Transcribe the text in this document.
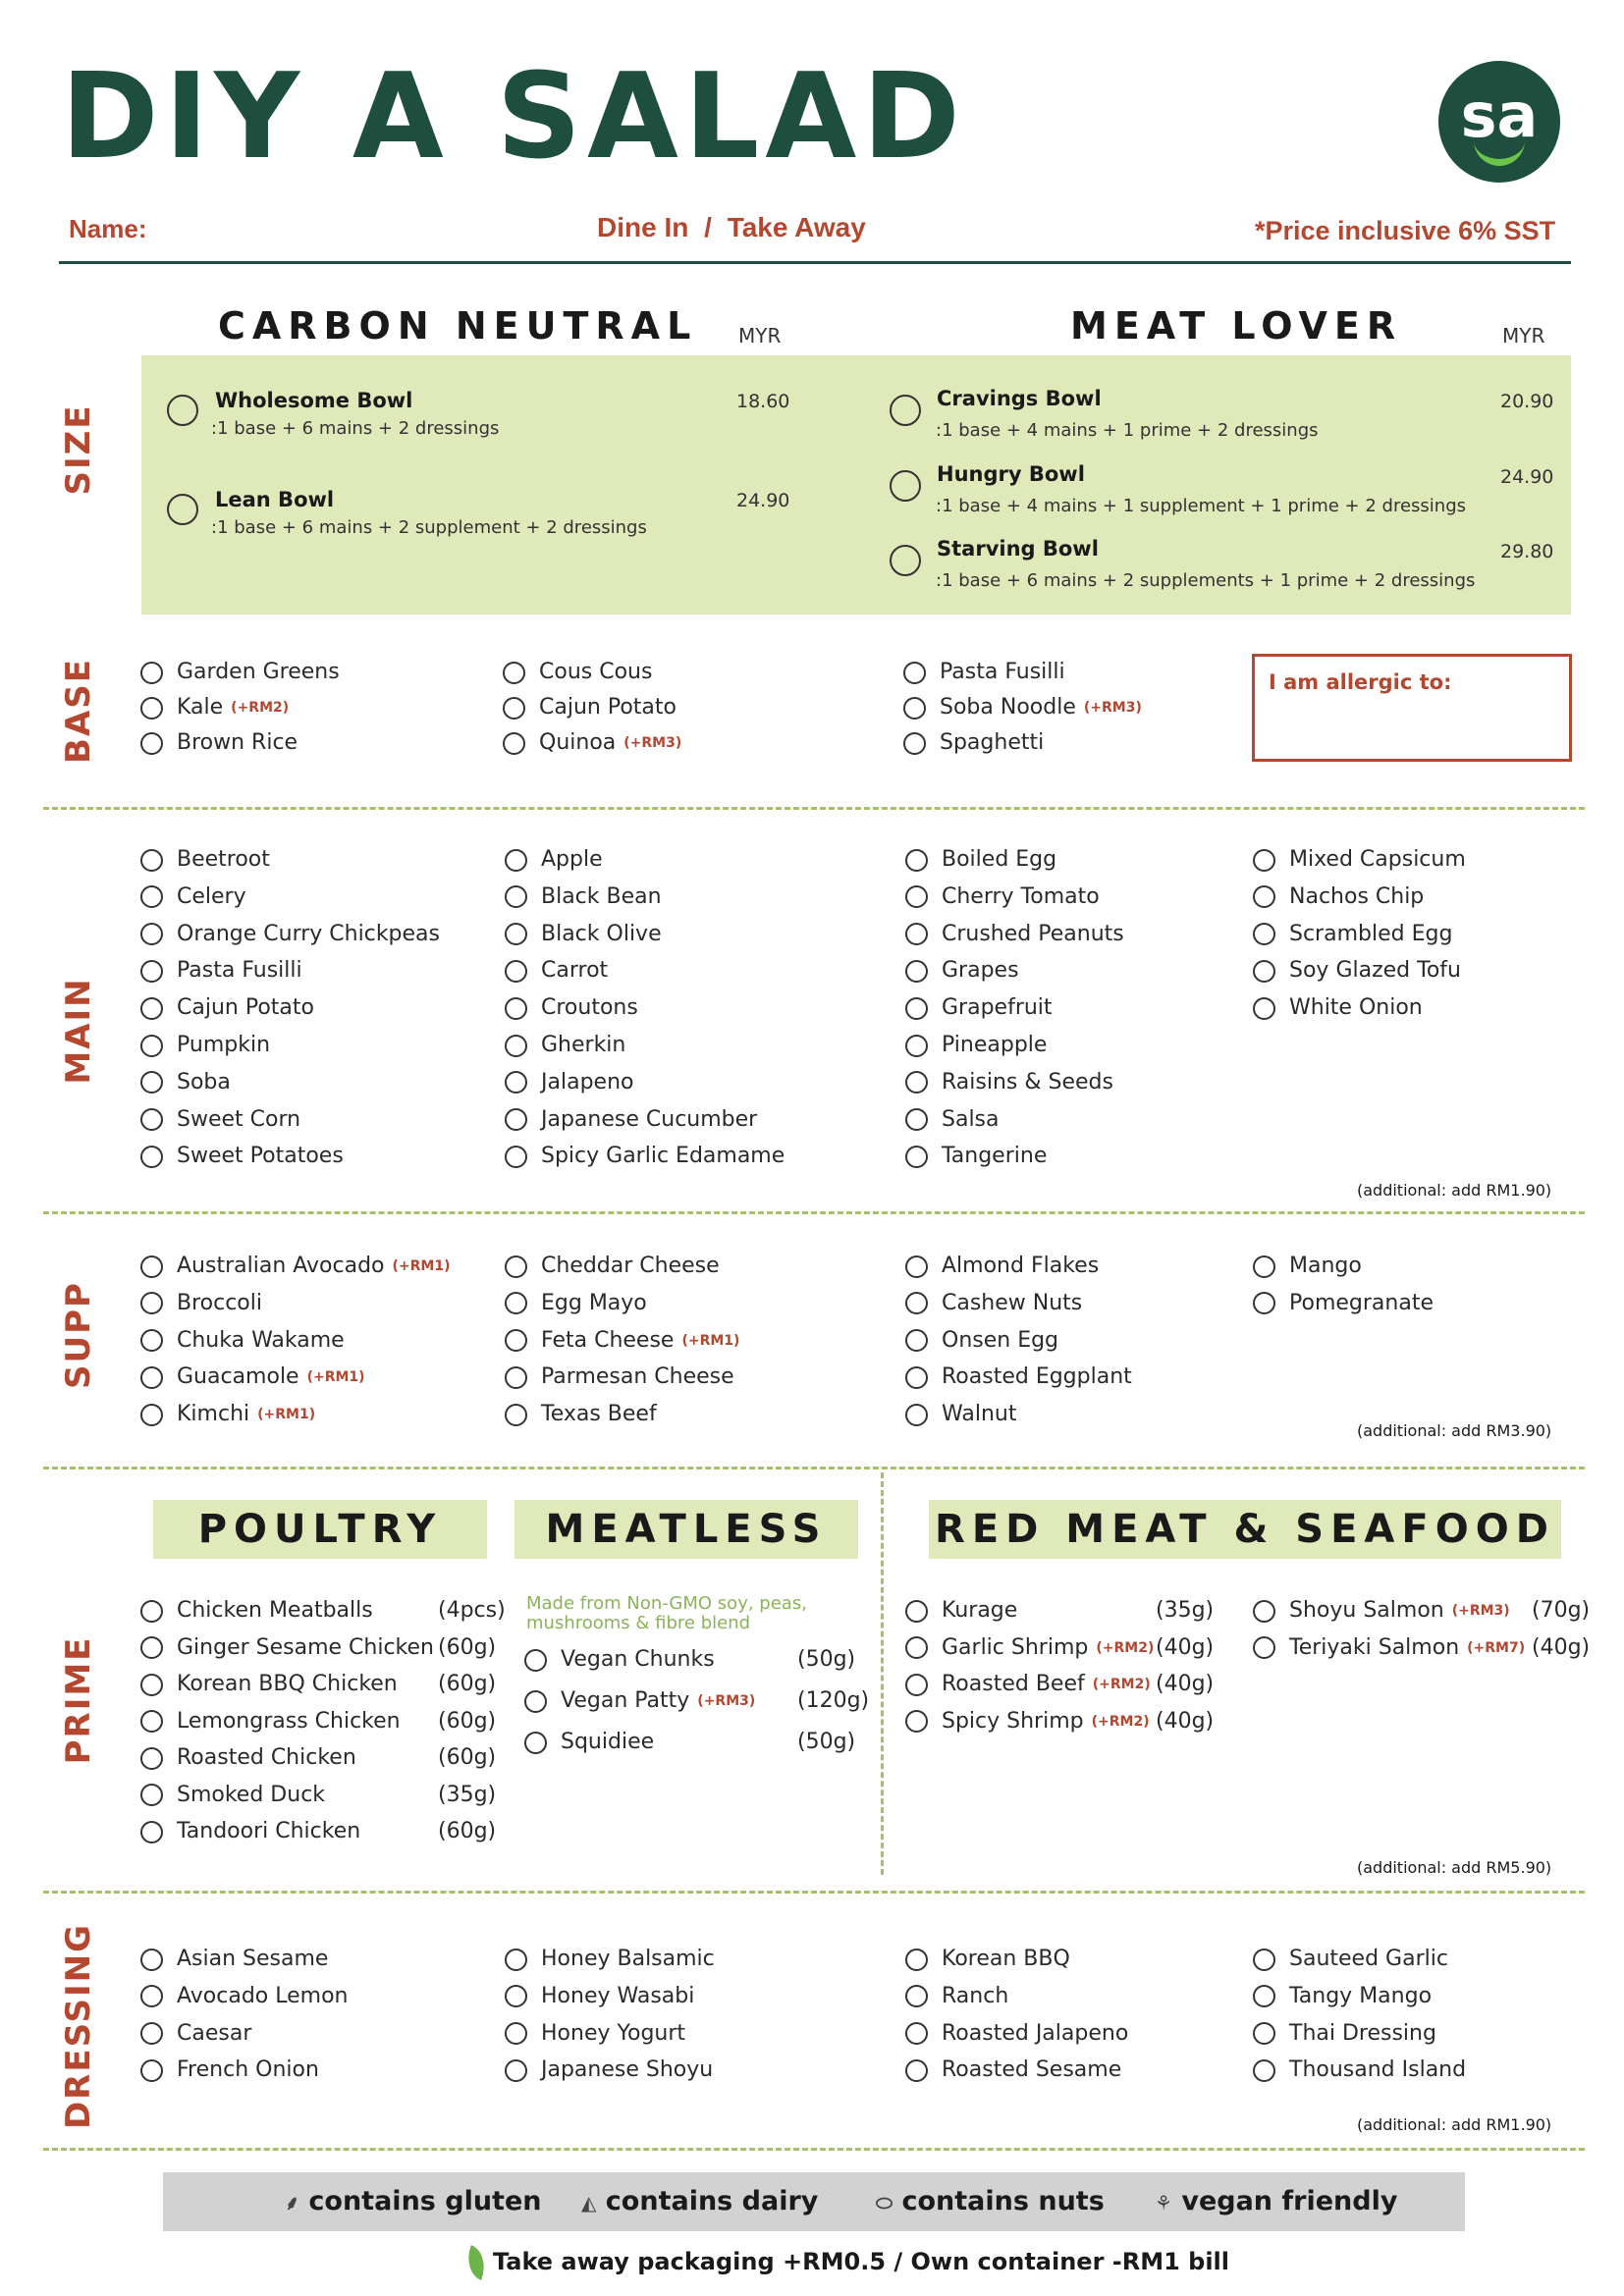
DIY A SALAD	sa
Name:	Dine In / Take Away	*Price inclusive 6% SST
CARBON NEUTRAL MYR	MEAT LOVER	MYR
SIZE
Wholesome Bowl
:1 base + 6 mains + 2 dressings
18.60
Lean Bowl
:1 base + 6 mains + 2 supplement + 2 dressings
24.90
Cravings Bowl
:1 base + 4 mains + 1 prime + 2 dressings
20.90
Hungry Bowl
:1 base + 4 mains + 1 supplement + 1 prime + 2 dressings
24.90
Starving Bowl
:1 base + 6 mains + 2 supplements + 1 prime + 2 dressings
29.80
BASE	Garden Greens
Kale (+RM2)
Brown Rice
Cous Cous
Cajun Potato
Quinoa (+RM3)
Pasta Fusilli
Soba Noodle (+RM3)
Spaghetti
I am allergic to:
MAIN
Beetroot
Celery
Orange Curry Chickpeas
Pasta Fusilli
Cajun Potato
Pumpkin
Soba
Sweet Corn
Sweet Potatoes
Apple
Black Bean
Black Olive
Carrot
Croutons
Gherkin
Jalapeno
Japanese Cucumber
Spicy Garlic Edamame
Boiled Egg
Cherry Tomato
Crushed Peanuts
Grapes
Grapefruit
Pineapple
Raisins & Seeds
Salsa
Tangerine
Mixed Capsicum
Nachos Chip
Scrambled Egg
Soy Glazed Tofu
White Onion
(additional: add RM1.90)
SUPP
Australian Avocado (+RM1)
Broccoli
Chuka Wakame
Guacamole (+RM1)
Kimchi (+RM1)
Cheddar Cheese
Egg Mayo
Feta Cheese (+RM1)
Parmesan Cheese
Texas Beef
Almond Flakes
Cashew Nuts
Onsen Egg
Roasted Eggplant
Walnut
Mango
Pomegranate
(additional: add RM3.90)
PRIME
POULTRY	MEATLESS	RED MEAT & SEAFOOD
Made from Non-GMO soy, peas,
mushrooms & fibre blend
Chicken Meatballs	(4pcs)
Ginger Sesame Chicken (60g)
Korean BBQ Chicken (60g)
Lemongrass Chicken (60g)
Roasted Chicken	(60g)
Smoked Duck	(35g)
Tandoori Chicken	(60g)
Vegan Chunks	(50g)
Vegan Patty (+RM3) (120g)
Squidiee	(50g)
Kurage	(35g)
Garlic Shrimp (+RM2) (40g)
Roasted Beef (+RM2) (40g)
Spicy Shrimp (+RM2) (40g)
Shoyu Salmon (+RM3) (70g)
Teriyaki Salmon (+RM7) (40g)
(additional: add RM5.90)
DRESSING	Asian Sesame
Avocado Lemon
Caesar
French Onion
Honey Balsamic
Honey Wasabi
Honey Yogurt
Japanese Shoyu
Korean BBQ
Ranch
Roasted Jalapeno
Roasted Sesame
Sauteed Garlic
Tangy Mango
Thai Dressing
Thousand Island
(additional: add RM1.90)
⸙ contains gluten	◭ contains dairy	⬭ contains nuts	⚘ vegan friendly
Take away packaging +RM0.5 / Own container -RM1 bill
